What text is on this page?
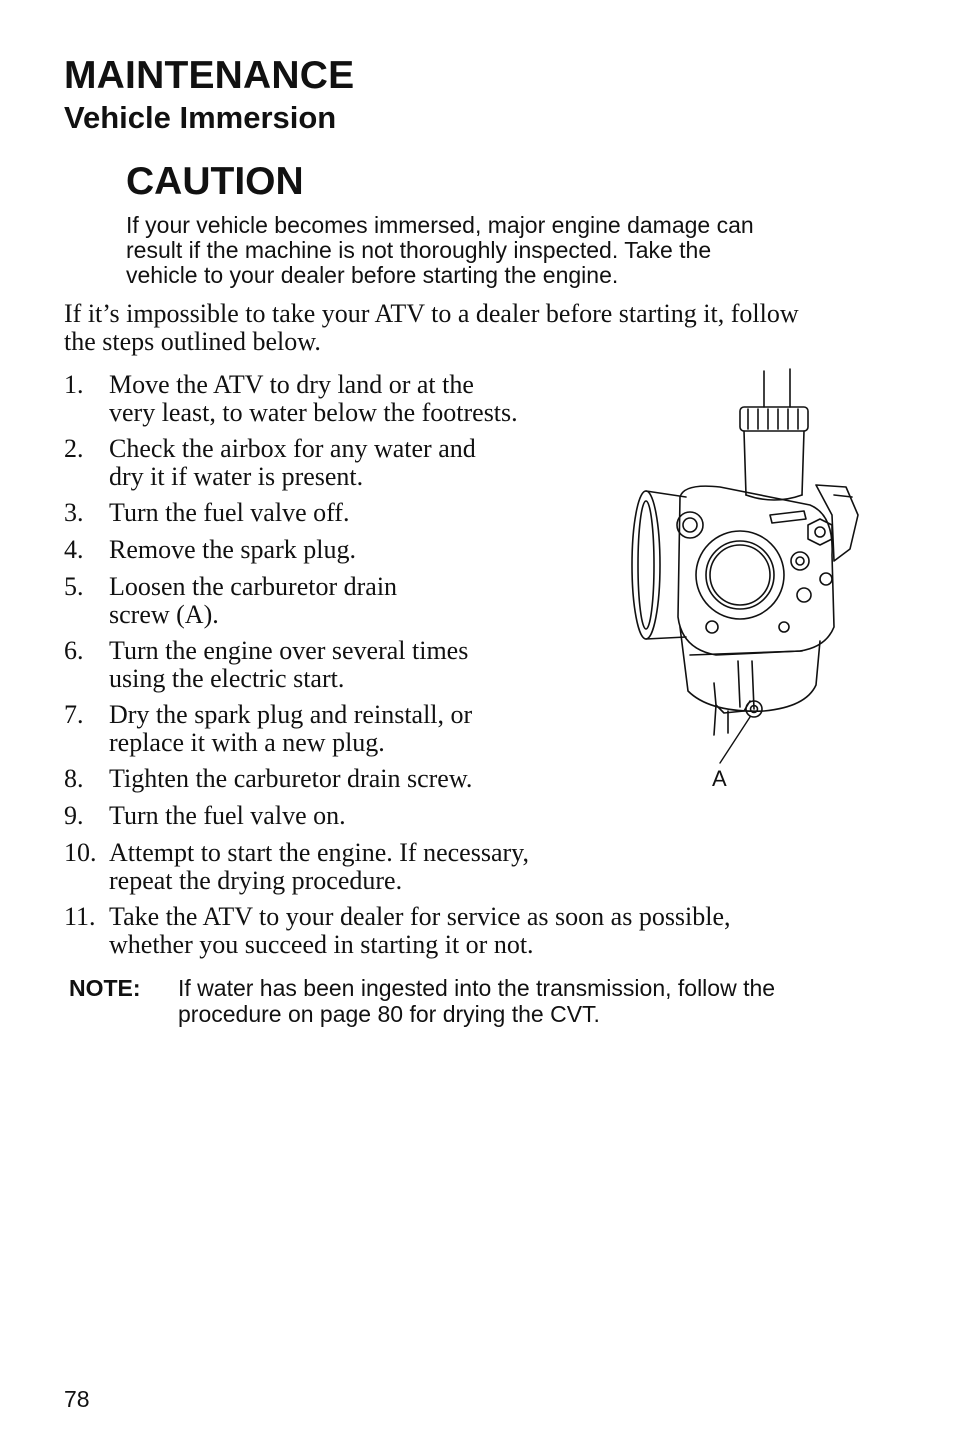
MAINTENANCE
Vehicle Immersion
CAUTION

If your vehicle becomes immersed, major engine damage can
result if the machine is not thoroughly inspected. Take the
vehicle to your dealer before starting the engine.

If it’s impossible to take your ATV to a dealer before starting it, follow
the steps outlined below.

1. Move the ATV to dry land or at the
very least, to water below the footrests.
2. Check the airbox for any water and
dry it if water is present.
3. Turn the fuel valve off.
4. Remove the spark plug.
5. Loosen the carburetor drain
screw (A).
6. Turn the engine over several times
using the electric start.
7. Dry the spark plug and reinstall, or
replace it with a new plug.
8. Tighten the carburetor drain screw.
9. Turn the fuel valve on.
10. Attempt to start the engine. If necessary,
repeat the drying procedure.
11. Take the ATV to your dealer for service as soon as possible,
whether you succeed in starting it or not.
NOTE: If water has been ingested into the transmission, follow the
procedure on page 80 for drying the CVT.
A
78
